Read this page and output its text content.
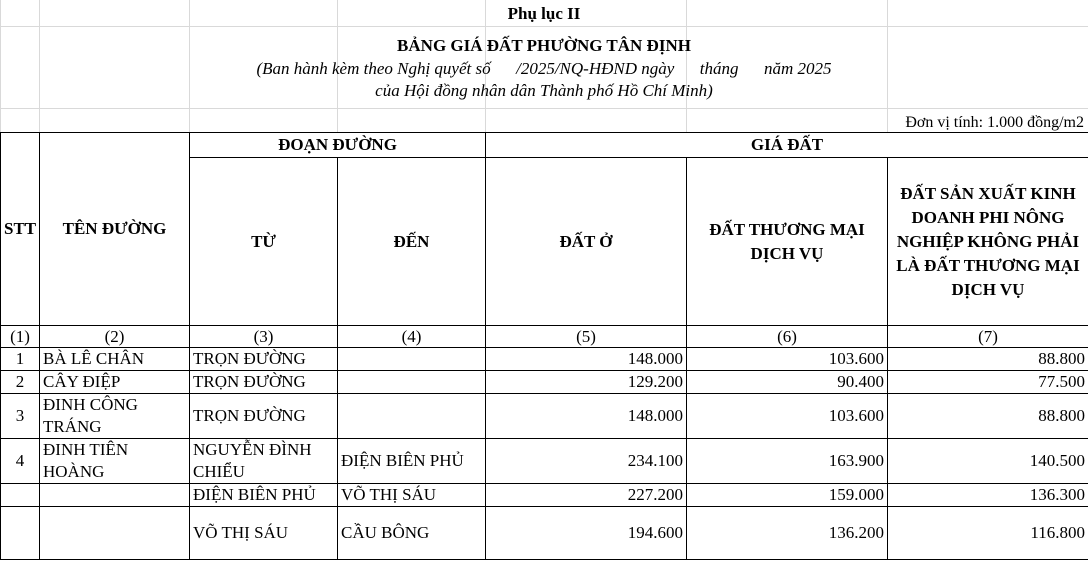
Phụ lục II
BẢNG GIÁ ĐẤT PHƯỜNG TÂN ĐỊNH
(Ban hành kèm theo Nghị quyết số      /2025/NQ-HĐND ngày      tháng      năm 2025
của Hội đồng nhân dân Thành phố Hồ Chí Minh)
Đơn vị tính: 1.000 đồng/m2
STT	TÊN ĐƯỜNG	ĐOẠN ĐƯỜNG		GIÁ ĐẤT		
		TỪ	ĐẾN	ĐẤT Ở	ĐẤT THƯƠNG MẠI DỊCH VỤ	ĐẤT SẢN XUẤT KINH DOANH PHI NÔNG NGHIỆP KHÔNG PHẢI LÀ ĐẤT THƯƠNG MẠI DỊCH VỤ
(1)	(2)	(3)	(4)	(5)	(6)	(7)
1	BÀ LÊ CHÂN	TRỌN ĐƯỜNG		148.000	103.600	88.800
2	CÂY ĐIỆP	TRỌN ĐƯỜNG		129.200	90.400	77.500
3	ĐINH CÔNG TRÁNG	TRỌN ĐƯỜNG		148.000	103.600	88.800
4	ĐINH TIÊN HOÀNG	NGUYỄN ĐÌNH CHIỂU	ĐIỆN BIÊN PHỦ	234.100	163.900	140.500
		ĐIỆN BIÊN PHỦ	VÕ THỊ SÁU	227.200	159.000	136.300
		VÕ THỊ SÁU	CẦU BÔNG	194.600	136.200	116.800
